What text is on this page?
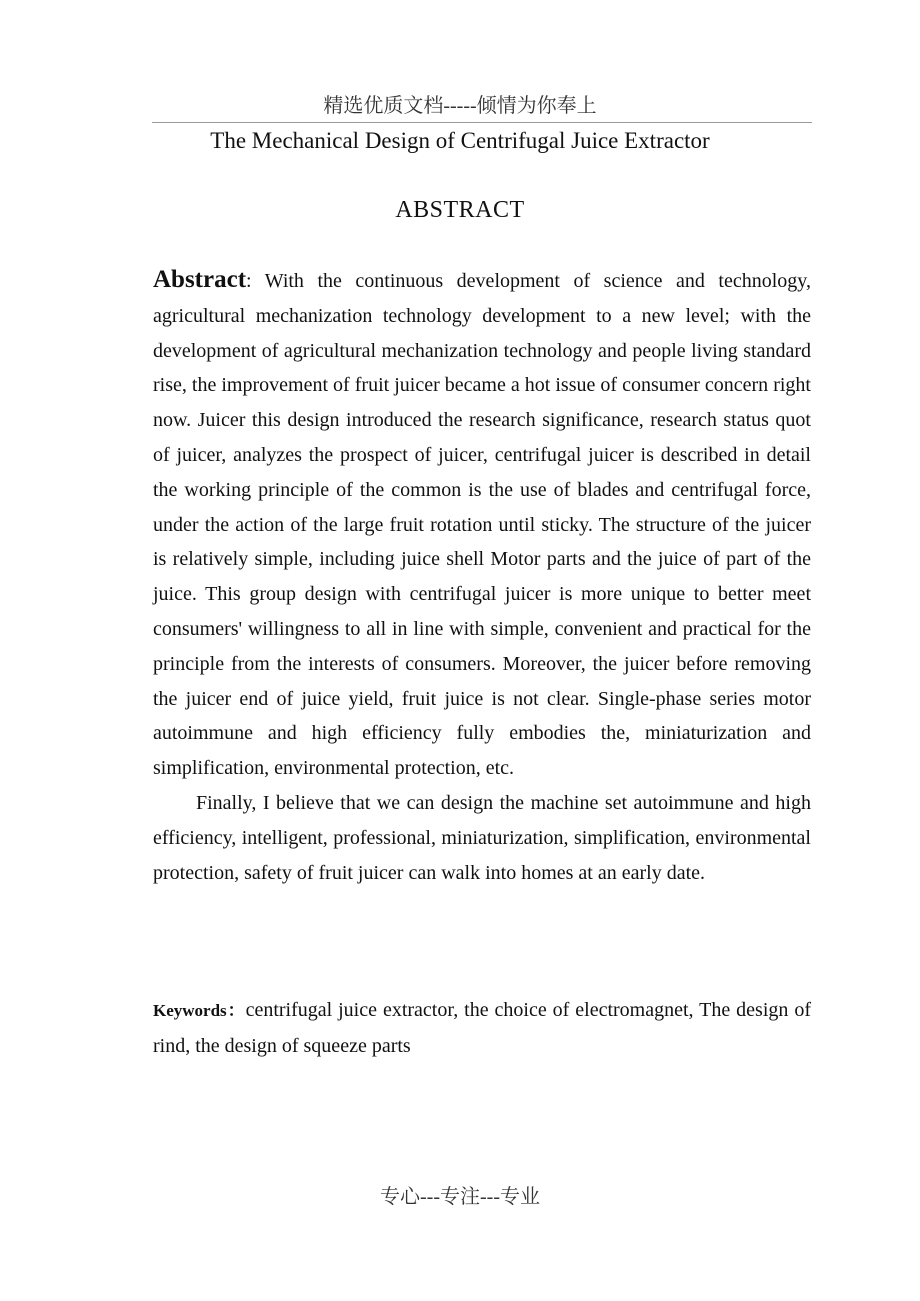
精选优质文档-----倾情为你奉上
The Mechanical Design of Centrifugal Juice Extractor
ABSTRACT

Abstract: With the continuous development of science and technology, agricultural mechanization technology development to a new level; with the development of agricultural mechanization technology and people living standard rise, the improvement of fruit juicer became a hot issue of consumer concern right now. Juicer this design introduced the research significance, research status quot of juicer, analyzes the prospect of juicer, centrifugal juicer is described in detail the working principle of the common is the use of blades and centrifugal force, under the action of the large fruit rotation until sticky. The structure of the juicer is relatively simple, including juice shell Motor parts and the juice of part of the juice. This group design with centrifugal juicer is more unique to better meet consumers' willingness to all in line with simple, convenient and practical for the principle from the interests of consumers. Moreover, the juicer before removing the juicer end of juice yield, fruit juice is not clear. Single-phase series motor autoimmune and high efficiency fully embodies the, miniaturization and simplification, environmental protection, etc.

Finally, I believe that we can design the machine set autoimmune and high efficiency, intelligent, professional, miniaturization, simplification, environmental protection, safety of fruit juicer can walk into homes at an early date.

Keywords：centrifugal juice extractor, the choice of electromagnet, The design of rind, the design of squeeze parts
专心---专注---专业
